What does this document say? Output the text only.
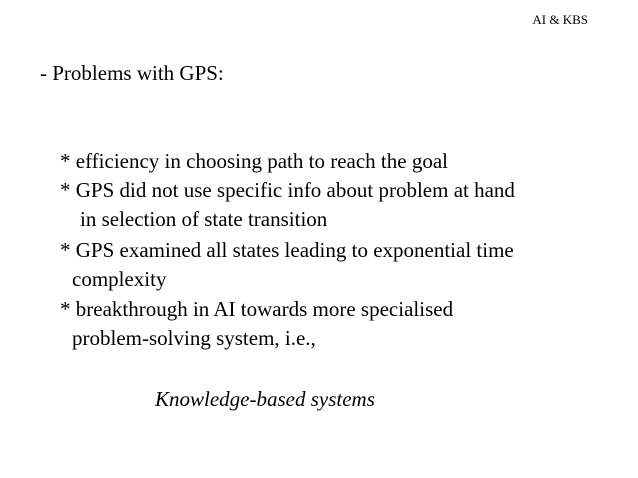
AI & KBS
- Problems with GPS:
* efficiency in choosing path to reach the goal
* GPS did not use specific info about problem at hand
in selection of state transition
* GPS examined all states leading to exponential time
complexity
* breakthrough in AI towards more specialised
problem-solving system, i.e.,
Knowledge-based systems
